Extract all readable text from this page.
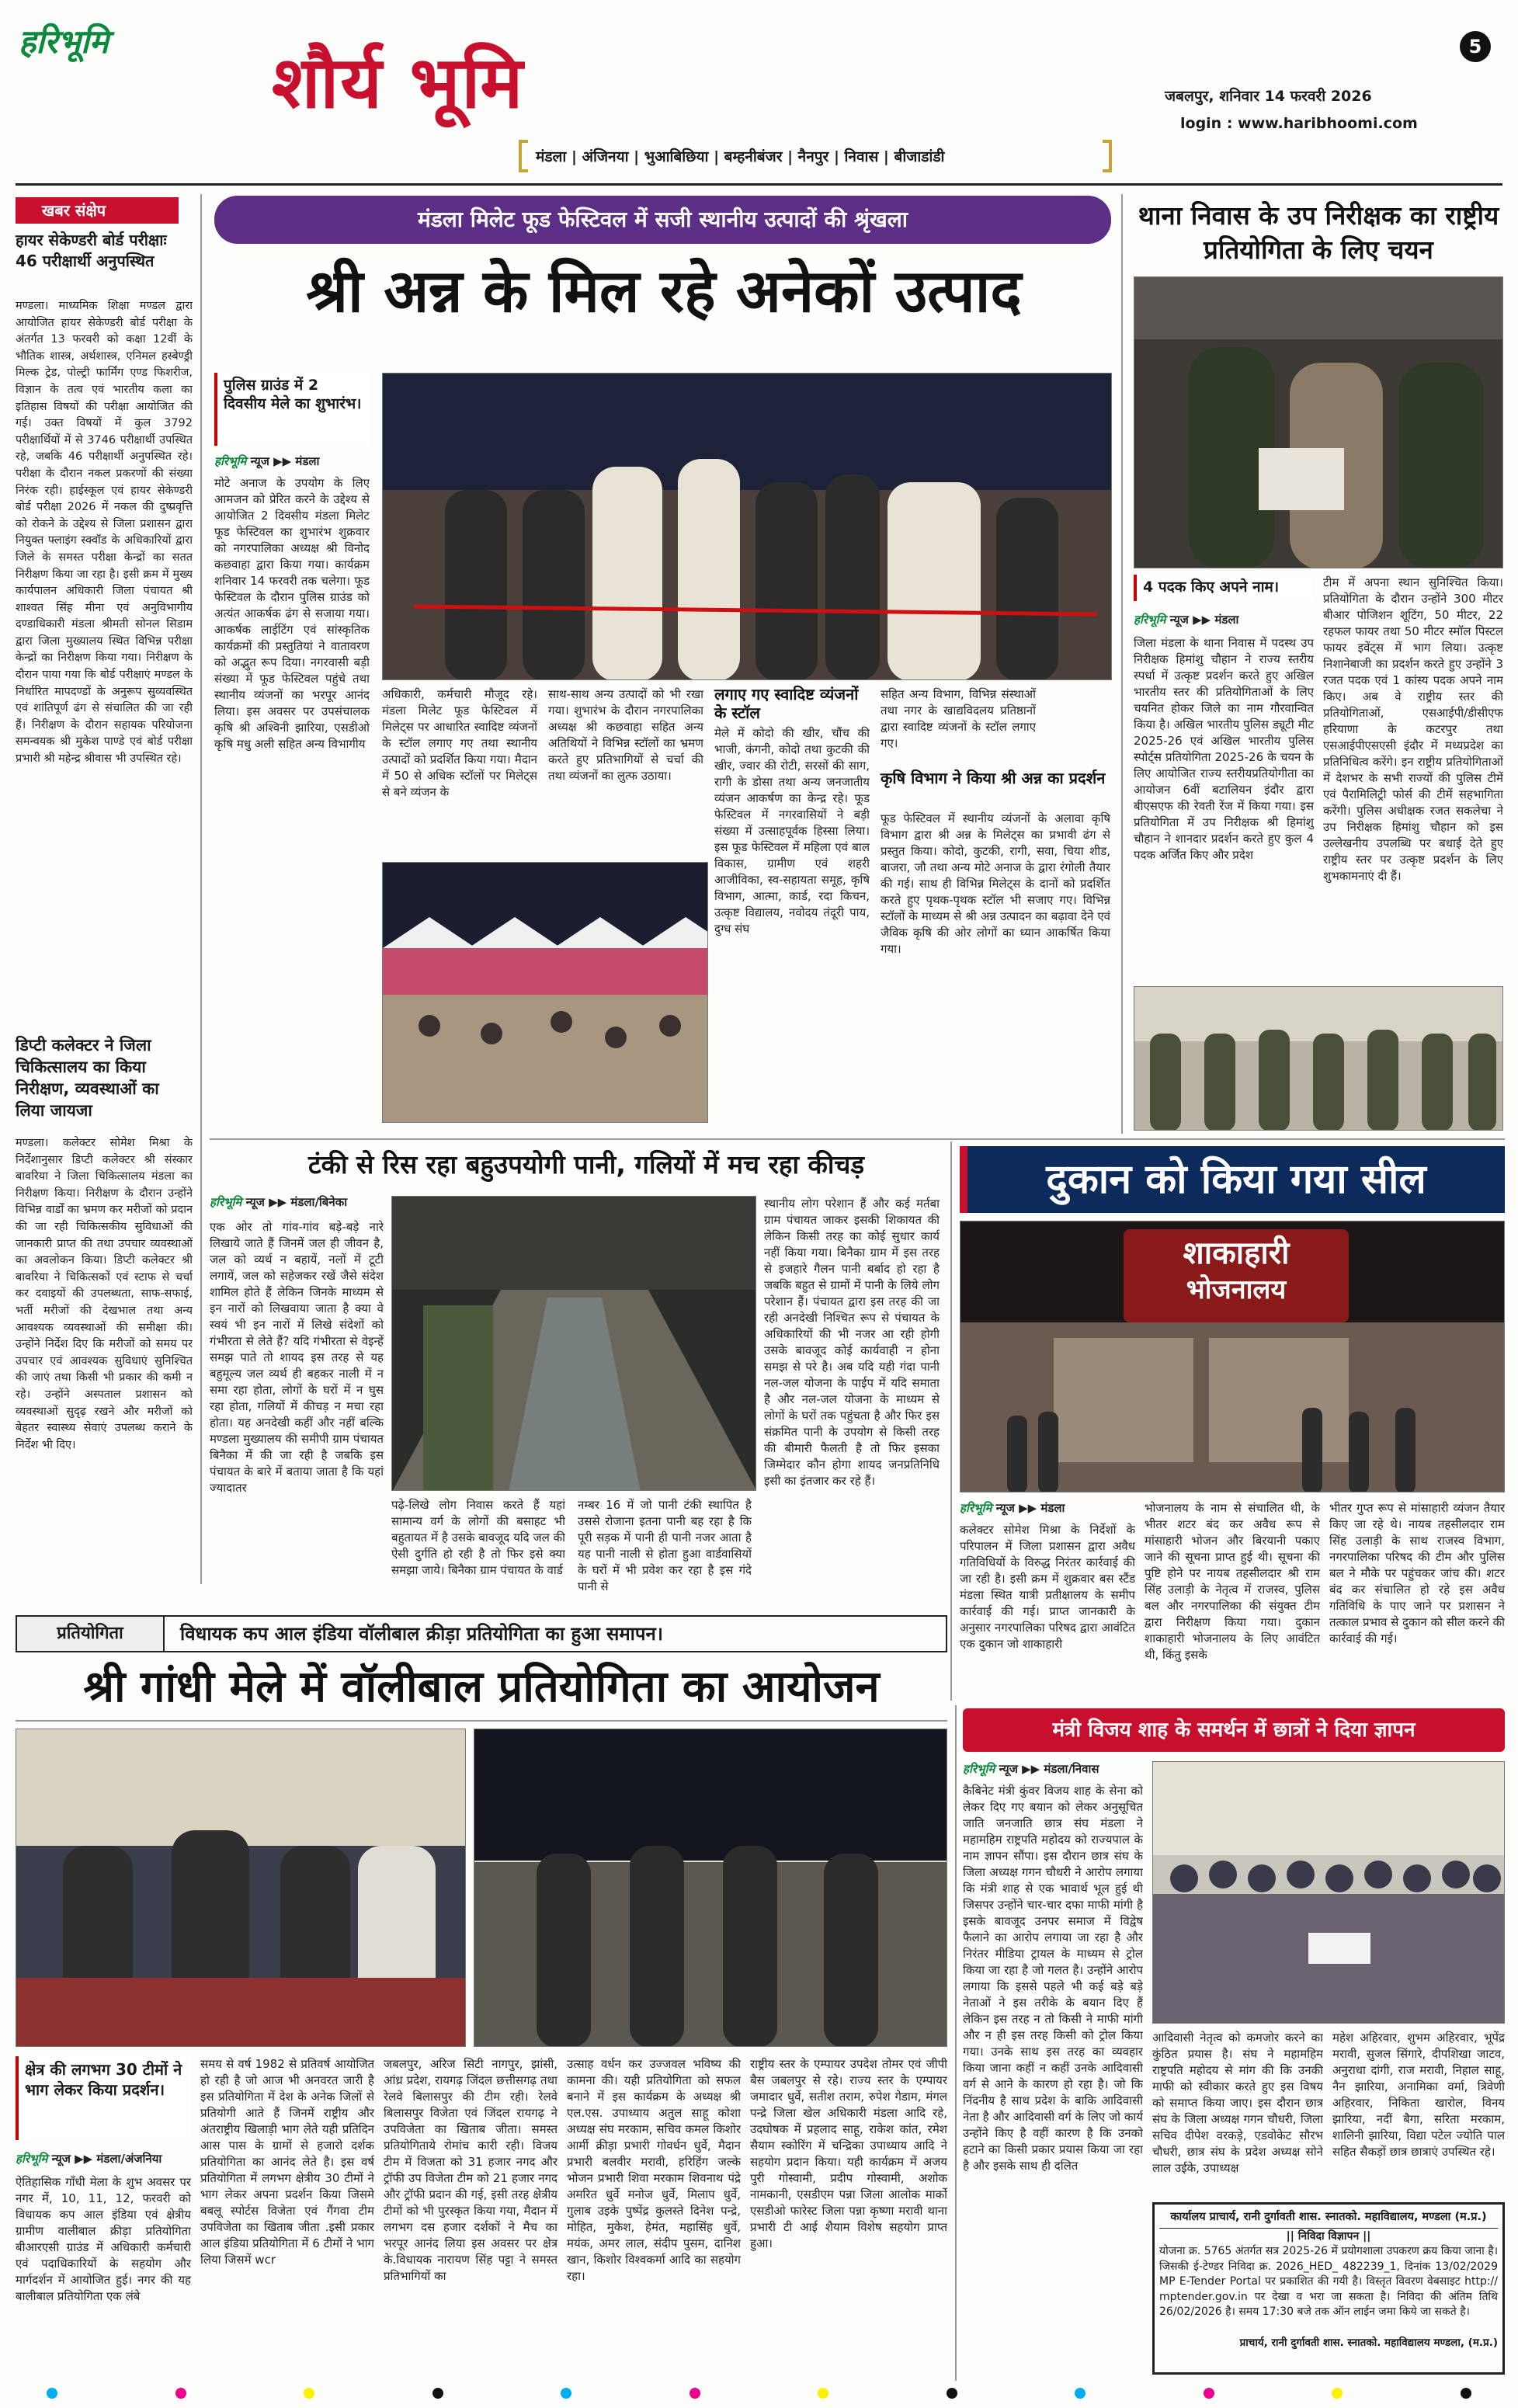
हरिभूमि शौर्य भूमि	5
जबलपुर, शनिवार 14 फरवरी 2026
login : www.haribhoomi.com
मंडला | अंजिनया | भुआबिछिया | बम्हनीबंजर | नैनपुर | निवास | बीजाडांडी
खबर संक्षेप
हायर सेकेण्डरी बोर्ड परीक्षाः 46 परीक्षार्थी अनुपस्थित
मण्डला। माध्यमिक शिक्षा मण्डल द्वारा आयोजित हायर सेकेण्डरी बोर्ड परीक्षा के अंतर्गत 13 फरवरी को कक्षा 12वीं के भौतिक शास्त्र, अर्थशास्त्र, एनिमल हस्बेण्ड्री मिल्क ट्रेड, पोल्ट्री फार्मिंग एण्ड फिशरीज, विज्ञान के तत्व एवं भारतीय कला का इतिहास विषयों की परीक्षा आयोजित की गई। उक्त विषयों में कुल 3792 परीक्षार्थियों में से 3746 परीक्षार्थी उपस्थित रहे, जबकि 46 परीक्षार्थी अनुपस्थित रहे। परीक्षा के दौरान नकल प्रकरणों की संख्या निरंक रही। हाईस्कूल एवं हायर सेकेण्डरी बोर्ड परीक्षा 2026 में नकल की दुष्प्रवृत्ति को रोकने के उद्देश्य से जिला प्रशासन द्वारा नियुक्त फ्लाइंग स्क्वॉड के अधिकारियों द्वारा जिले के समस्त परीक्षा केन्द्रों का सतत निरीक्षण किया जा रहा है। इसी क्रम में मुख्य कार्यपालन अधिकारी जिला पंचायत श्री शाश्वत सिंह मीना एवं अनुविभागीय दण्डाधिकारी मंडला श्रीमती सोनल सिडाम द्वारा जिला मुख्यालय स्थित विभिन्न परीक्षा केन्द्रों का निरीक्षण किया गया। निरीक्षण के दौरान पाया गया कि बोर्ड परीक्षाएं मण्डल के निर्धारित मापदण्डों के अनुरूप सुव्यवस्थित एवं शांतिपूर्ण ढंग से संचालित की जा रही हैं। निरीक्षण के दौरान सहायक परियोजना समन्वयक श्री मुकेश पाण्डे एवं बोर्ड परीक्षा प्रभारी श्री महेन्द्र श्रीवास भी उपस्थित रहे।
डिप्टी कलेक्टर ने जिला चिकित्सालय का किया निरीक्षण, व्यवस्थाओं का लिया जायजा
मण्डला। कलेक्टर सोमेश मिश्रा के निर्देशानुसार डिप्टी कलेक्टर श्री संस्कार बावरिया ने जिला चिकित्सालय मंडला का निरीक्षण किया। निरीक्षण के दौरान उन्होंने विभिन्न वार्डों का भ्रमण कर मरीजों को प्रदान की जा रही चिकित्सकीय सुविधाओं की जानकारी प्राप्त की तथा उपचार व्यवस्थाओं का अवलोकन किया। डिप्टी कलेक्टर श्री बावरिया ने चिकित्सकों एवं स्टाफ से चर्चा कर दवाइयों की उपलब्धता, साफ-सफाई, भर्ती मरीजों की देखभाल तथा अन्य आवश्यक व्यवस्थाओं की समीक्षा की। उन्होंने निर्देश दिए कि मरीजों को समय पर उपचार एवं आवश्यक सुविधाएं सुनिश्चित की जाएं तथा किसी भी प्रकार की कमी न रहे। उन्होंने अस्पताल प्रशासन को व्यवस्थाओं सुदृढ़ रखने और मरीजों को बेहतर स्वास्थ्य सेवाएं उपलब्ध कराने के निर्देश भी दिए।
मंडला मिलेट फूड फेस्टिवल में सजी स्थानीय उत्पादों की श्रृंखला
श्री अन्न के मिल रहे अनेकों उत्पाद
पुलिस ग्राउंड में 2 दिवसीय मेले का शुभारंभ।
हरिभूमि न्यूज ▶▶ मंडला
मोटे अनाज के उपयोग के लिए आमजन को प्रेरित करने के उद्देश्य से आयोजित 2 दिवसीय मंडला मिलेट फूड फेस्टिवल का शुभारंभ शुक्रवार को नगरपालिका अध्यक्ष श्री विनोद कछवाहा द्वारा किया गया। कार्यक्रम शनिवार 14 फरवरी तक चलेगा। फूड फेस्टिवल के दौरान पुलिस ग्राउंड को अत्यंत आकर्षक ढंग से सजाया गया। आकर्षक लाईटिंग एवं सांस्कृतिक कार्यक्रमों की प्रस्तुतियां ने वातावरण को अद्भुत रूप दिया। नगरवासी बड़ी संख्या में फूड फेस्टिवल पहुंचे तथा स्थानीय व्यंजनों का भरपूर आनंद लिया। इस अवसर पर उपसंचालक कृषि श्री अश्विनी झारिया, एसडीओ कृषि मधु अली सहित अन्य विभागीय
अधिकारी, कर्मचारी मौजूद रहे। मंडला मिलेट फूड फेस्टिवल में मिलेट्स पर आधारित स्वादिष्ट व्यंजनों के स्टॉल लगाए गए तथा स्थानीय उत्पादों को प्रदर्शित किया गया। मैदान में 50 से अधिक स्टॉलों पर मिलेट्स से बने व्यंजन के
साथ-साथ अन्य उत्पादों को भी रखा गया। शुभारंभ के दौरान नगरपालिका अध्यक्ष श्री कछवाहा सहित अन्य अतिथियों ने विभिन्न स्टॉलों का भ्रमण करते हुए प्रतिभागियों से चर्चा की तथा व्यंजनों का लुत्फ उठाया।
लगाए गए स्वादिष्ट व्यंजनों के स्टॉल
मेले में कोदो की खीर, चौंच की भाजी, कंगनी, कोदो तथा कुटकी की खीर, ज्वार की रोटी, सरसों की साग, रागी के डोसा तथा अन्य जनजातीय व्यंजन आकर्षण का केन्द्र रहे। फूड फेस्टिवल में नगरवासियों ने बड़ी संख्या में उत्साहपूर्वक हिस्सा लिया। इस फूड फेस्टिवल में महिला एवं बाल विकास, ग्रामीण एवं शहरी आजीविका, स्व-सहायता समूह, कृषि विभाग, आत्मा, कार्ड, रदा किचन, उत्कृष्ट विद्यालय, नवोदय तंदूरी पाय, दुग्ध संघ
सहित अन्य विभाग, विभिन्न संस्थाओं तथा नगर के खाद्यविदलय प्रतिष्ठानों द्वारा स्वादिष्ट व्यंजनों के स्टॉल लगाए गए।
कृषि विभाग ने किया श्री अन्न का प्रदर्शन
फूड फेस्टिवल में स्थानीय व्यंजनों के अलावा कृषि विभाग द्वारा श्री अन्न के मिलेट्स का प्रभावी ढंग से प्रस्तुत किया। कोदो, कुटकी, रागी, सवा, चिया शीड, बाजरा, जौ तथा अन्य मोटे अनाज के द्वारा रंगोली तैयार की गई। साथ ही विभिन्न मिलेट्स के दानों को प्रदर्शित करते हुए पृथक-पृथक स्टॉल भी सजाए गए। विभिन्न स्टॉलों के माध्यम से श्री अन्न उत्पादन का बढ़ावा देने एवं जैविक कृषि की ओर लोगों का ध्यान आकर्षित किया गया।
थाना निवास के उप निरीक्षक का राष्ट्रीय प्रतियोगिता के लिए चयन
4 पदक किए अपने नाम।
हरिभूमि न्यूज ▶▶ मंडला
जिला मंडला के थाना निवास में पदस्थ उप निरीक्षक हिमांशु चौहान ने राज्य स्तरीय स्पर्धा में उत्कृष्ट प्रदर्शन करते हुए अखिल भारतीय स्तर की प्रतियोगिताओं के लिए चयनित होकर जिले का नाम गौरवान्वित किया है। अखिल भारतीय पुलिस ड्यूटी मीट 2025-26 एवं अखिल भारतीय पुलिस स्पोर्ट्स प्रतियोगिता 2025-26 के चयन के लिए आयोजित राज्य स्तरीयप्रतियोगीता का आयोजन 6वीं बटालियन इंदौर द्वारा बीएसएफ की रेवती रेंज में किया गया। इस प्रतियोगिता में उप निरीक्षक श्री हिमांशु चौहान ने शानदार प्रदर्शन करते हुए कुल 4 पदक अर्जित किए और प्रदेश
टीम में अपना स्थान सुनिश्चित किया। प्रतियोगिता के दौरान उन्होंने 300 मीटर बीआर पोजिशन शूटिंग, 50 मीटर, 22 रहफल फायर तथा 50 मीटर स्मॉल पिस्टल फायर इवेंट्स में भाग लिया। उत्कृष्ट निशानेबाजी का प्रदर्शन करते हुए उन्होंने 3 रजत पदक एवं 1 कांस्य पदक अपने नाम किए। अब वे राष्ट्रीय स्तर की प्रतियोगिताओं, एसआईपी/डीसीएफ हरियाणा के कटरपुर तथा एसआईपीएसएसी इंदौर में मध्यप्रदेश का प्रतिनिधित्व करेंगे। इन राष्ट्रीय प्रतियोगिताओं में देशभर के सभी राज्यों की पुलिस टीमें एवं पैरामिलिट्री फोर्स की टीमें सहभागिता करेंगी। पुलिस अधीक्षक रजत सकलेचा ने उप निरीक्षक हिमांशु चौहान को इस उल्लेखनीय उपलब्धि पर बधाई देते हुए राष्ट्रीय स्तर पर उत्कृष्ट प्रदर्शन के लिए शुभकामनाएं दी हैं।
टंकी से रिस रहा बहुउपयोगी पानी, गलियों में मच रहा कीचड़
हरिभूमि न्यूज ▶▶ मंडला/बिनेका
एक ओर तो गांव-गांव बड़े-बड़े नारे लिखाये जाते हैं जिनमें जल ही जीवन है, जल को व्यर्थ न बहायें, नलों में टूटी लगायें, जल को सहेजकर रखें जैसे संदेश शामिल होते हैं लेकिन जिनके माध्यम से इन नारों को लिखवाया जाता है क्या वे स्वयं भी इन नारों में लिखे संदेशों को गंभीरता से लेते हैं? यदि गंभीरता से वेइन्हें समझ पाते तो शायद इस तरह से यह बहुमूल्य जल व्यर्थ ही बहकर नाली में न समा रहा होता, लोगों के घरों में न घुस रहा होता, गलियों में कीचड़ न मचा रहा होता। यह अनदेखी कहीं और नहीं बल्कि मण्डला मुख्यालय की समीपी ग्राम पंचायत बिनैका में की जा रही है जबकि इस पंचायत के बारे में बताया जाता है कि यहां ज्यादातर
पढ़े-लिखे लोग निवास करते हैं यहां सामान्य वर्ग के लोगों की बसाहट भी बहुतायत में है उसके बावजूद यदि जल की ऐसी दुर्गति हो रही है तो फिर इसे क्या समझा जाये। बिनैका ग्राम पंचायत के वार्ड
नम्बर 16 में जो पानी टंकी स्थापित है उससे रोजाना इतना पानी बह रहा है कि पूरी सड़क में पानी ही पानी नजर आता है यह पानी नाली से होता हुआ वार्डवासियों के घरों में भी प्रवेश कर रहा है इस गंदे पानी से
स्थानीय लोग परेशान हैं और कई मर्तबा ग्राम पंचायत जाकर इसकी शिकायत की लेकिन किसी तरह का कोई सुधार कार्य नहीं किया गया। बिनैका ग्राम में इस तरह से इजहारे गैलन पानी बर्बाद हो रहा है जबकि बहुत से ग्रामों में पानी के लिये लोग परेशान हैं। पंचायत द्वारा इस तरह की जा रही अनदेखी निश्चित रूप से पंचायत के अधिकारियों की भी नजर आ रही होगी उसके बावजूद कोई कार्यवाही न होना समझ से परे है। अब यदि यही गंदा पानी नल-जल योजना के पाईप में यदि समाता है और नल-जल योजना के माध्यम से लोगों के घरों तक पहुंचता है और फिर इस संक्रमित पानी के उपयोग से किसी तरह की बीमारी फैलती है तो फिर इसका जिम्मेदार कौन होगा शायद जनप्रतिनिधि इसी का इंतजार कर रहे हैं।
दुकान को किया गया सील
शाकाहारी
भोजनालय
हरिभूमि न्यूज ▶▶ मंडला
कलेक्टर सोमेश मिश्रा के निर्देशों के परिपालन में जिला प्रशासन द्वारा अवैध गतिविधियों के विरुद्ध निरंतर कार्रवाई की जा रही है। इसी क्रम में शुक्रवार बस स्टैंड मंडला स्थित यात्री प्रतीक्षालय के समीप कार्रवाई की गई। प्राप्त जानकारी के अनुसार नगरपालिका परिषद द्वारा आवंटित एक दुकान जो शाकाहारी
भोजनालय के नाम से संचालित थी, के भीतर शटर बंद कर अवैध रूप से मांसाहारी भोजन और बिरयानी पकाए जाने की सूचना प्राप्त हुई थी। सूचना की पुष्टि होने पर नायब तहसीलदार श्री राम सिंह उलाड़ी के नेतृत्व में राजस्व, पुलिस बल और नगरपालिका की संयुक्त टीम द्वारा निरीक्षण किया गया। दुकान शाकाहारी भोजनालय के लिए आवंटित थी, किंतु इसके
भीतर गुप्त रूप से मांसाहारी व्यंजन तैयार किए जा रहे थे। नायब तहसीलदार राम सिंह उलाड़ी के साथ राजस्व विभाग, नगरपालिका परिषद की टीम और पुलिस बल ने मौके पर पहुंचकर जांच की। शटर बंद कर संचालित हो रहे इस अवैध गतिविधि के पाए जाने पर प्रशासन ने तत्काल प्रभाव से दुकान को सील करने की कार्रवाई की गई।
प्रतियोगिता	विधायक कप आल इंडिया वॉलीबाल क्रीड़ा प्रतियोगिता का हुआ समापन।
श्री गांधी मेले में वॉलीबाल प्रतियोगिता का आयोजन
क्षेत्र की लगभग 30 टीमों ने भाग लेकर किया प्रदर्शन।
हरिभूमि न्यूज ▶▶ मंडला/अंजनिया
ऐतिहासिक गाँधी मेला के शुभ अवसर पर नगर में, 10, 11, 12, फरवरी को विधायक कप आल इंडिया एवं क्षेत्रीय ग्रामीण वालीबाल क्रीड़ा प्रतियोगिता बीआरएसी ग्राउंड में अधिकारी कर्मचारी एवं पदाधिकारियों के सहयोग और मार्गदर्शन में आयोजित हुई। नगर की यह बालीबाल प्रतियोगिता एक लंबे
समय से वर्ष 1982 से प्रतिवर्ष आयोजित हो रही है जो आज भी अनवरत जारी है इस प्रतियोगिता में देश के अनेक जिलों से प्रतियोगी आते हैं जिनमें राष्ट्रीय और अंतराष्ट्रीय खिलाड़ी भाग लेते यही प्रतिदिन आस पास के ग्रामों से हजारो दर्शक प्रतियोगिता का आनंद लेते है। इस वर्ष प्रतियोगिता में लगभग क्षेत्रीय 30 टीमों ने भाग लेकर अपना प्रदर्शन किया जिसमे बबलू स्पोर्टस विजेता एवं गैंगवा टीम उपविजेता का खिताब जीता .इसी प्रकार आल इंडिया प्रतियोगिता में 6 टीमों ने भाग लिया जिसमें wcr
जबलपुर, अरिज सिटी नागपुर, झांसी, आंध्र प्रदेश, रायगढ़ जिंदल छत्तीसगढ़ तथा रेलवे बिलासपुर की टीम रही। रेलवे बिलासपुर विजेता एवं जिंदल रायगढ़ ने उपविजेता का खिताब जीता। समस्त प्रतियोगिताये रोमांच कारी रही। विजय टीम में विजता को 31 हजार नगद और ट्रॉफी उप विजेता टीम को 21 हजार नगद और ट्रॉफी प्रदान की गई, इसी तरह क्षेत्रीय टीमों को भी पुरस्कृत किया गया, मैदान में लगभग दस हजार दर्शकों ने मैच का भरपूर आनंद लिया इस अवसर पर क्षेत्र के.विधायक नारायण सिंह पट्टा ने समस्त प्रतिभागियों का
उत्साह वर्धन कर उज्जवल भविष्य की कामना की। यही प्रतियोगिता को सफल बनाने में इस कार्यक्रम के अध्यक्ष श्री एल.एस. उपाध्याय अतुल साहू कोशा अध्यक्ष संघ मरकाम, सचिव कमल किशोर आर्मी क्रीड़ा प्रभारी गोवर्धन धुर्वे, मैदान प्रभारी बलवीर मरावी, हरिहिंग जल्के भोजन प्रभारी शिवा मरकाम शिवनाथ पंद्रे अमरित धुर्वे मनोज धुर्वे, मिलाप धुर्वे, गुलाब उइके पुष्पेंद्र कुलस्ते दिनेश पन्द्रे, मोहित, मुकेश, हेमंत, महासिंह धुर्वे, मयंक, अमर लाल, संदीप पुसम, दानिश खान, किशोर विश्वकर्मा आदि का सहयोग रहा।
राष्ट्रीय स्तर के एम्पायर उपदेश तोमर एवं जीपी बैस जबलपुर से रहे। राज्य स्तर के एम्पायर जमादार धुर्वे, सतीश तराम, रुपेश गेडाम, मंगल पन्द्रे जिला खेल अधिकारी मंडला आदि रहे, उदघोषक में प्रहलाद साहू, राकेश कांत, रमेश सैयाम स्कोरिंग में चन्द्रिका उपाध्याय आदि ने सहयोग प्रदान किया। यही कार्यक्रम में अजय पुरी गोस्वामी, प्रदीप गोस्वामी, अशोक नामकानी, एसडीएम पन्ना जिला आलोक मार्को एसडीओ फारेस्ट जिला पन्ना कृष्णा मरावी थाना प्रभारी टी आई शैयाम विशेष सहयोग प्राप्त हुआ।
मंत्री विजय शाह के समर्थन में छात्रों ने दिया ज्ञापन
हरिभूमि न्यूज ▶▶ मंडला/निवास
कैबिनेट मंत्री कुंवर विजय शाह के सेना को लेकर दिए गए बयान को लेकर अनुसूचित जाति जनजाति छात्र संघ मंडला ने महामहिम राष्ट्रपति महोदय को राज्यपाल के नाम ज्ञापन सौंपा। इस दौरान छात्र संघ के जिला अध्यक्ष गगन चौधरी ने आरोप लगाया कि मंत्री शाह से एक भावार्थ भूल हुई थी जिसपर उन्होंने चार-चार दफा माफी मांगी है इसके बावजूद उनपर समाज में विद्वेष फैलाने का आरोप लगाया जा रहा है और निरंतर मीडिया ट्रायल के माध्यम से ट्रोल किया जा रहा है जो गलत है। उन्होंने आरोप लगाया कि इससे पहले भी कई बड़े बड़े नेताओं ने इस तरीके के बयान दिए हैं लेकिन इस तरह न तो किसी ने माफी मांगी और न ही इस तरह किसी को ट्रोल किया गया। उनके साथ इस तरह का व्यवहार किया जाना कहीं न कहीं उनके आदिवासी वर्ग से आने के कारण हो रहा है। जो कि निंदनीय है साथ प्रदेश के बाकि आदिवासी नेता है और आदिवासी वर्ग के लिए जो कार्य उन्होंने किए है वहीं कारण है कि उनको हटाने का किसी प्रकार प्रयास किया जा रहा है और इसके साथ ही दलित
आदिवासी नेतृत्व को कमजोर करने का कुंठित प्रयास है। संघ ने महामहिम राष्ट्रपति महोदय से मांग की कि उनकी माफी को स्वीकार करते हुए इस विषय को समाप्त किया जाए। इस दौरान छात्र संघ के जिला अध्यक्ष गगन चौधरी, जिला सचिव दीपेश वरकड़े, एडवोकेट सौरभ चौधरी, छात्र संघ के प्रदेश अध्यक्ष सोने लाल उईके, उपाध्यक्ष
महेश अहिरवार, शुभम अहिरवार, भूपेंद्र मरावी, सुजल सिंगारे, दीपशिखा जाटव, अनुराधा दांगी, राज मरावी, निहाल साहू, नैन झारिया, अनामिका वर्मा, त्रिवेणी अहिरवार, निकिता खारोल, विनय झारिया, नदीं बैगा, सरिता मरकाम, शालिनी झारिया, विद्या पटेल ज्योति पाल सहित सैकड़ों छात्र छात्राएं उपस्थित रहे।
कार्यालय प्राचार्य, रानी दुर्गावती शास. स्नातको. महाविद्यालय, मण्डला (म.प्र.)
|| निविदा विज्ञापन ||
योजना क्र. 5765 अंतर्गत सत्र 2025-26 में प्रयोगशाला उपकरण क्रय किया जाना है। जिसकी ई-टेण्डर निविदा क्र. 2026_HED_ 482239_1, दिनांक 13/02/2029 MP E-Tender Portal पर प्रकाशित की गयी है। विस्तृत विवरण वेबसाइट http:// mptender.gov.in पर देखा व भरा जा सकता है। निविदा की अंतिम तिथि 26/02/2026 है। समय 17:30 बजे तक ऑन लाईन जमा किये जा सकते है।
प्राचार्य, रानी दुर्गावती शास. स्नातको. महाविद्यालय मण्डला, (म.प्र.)
